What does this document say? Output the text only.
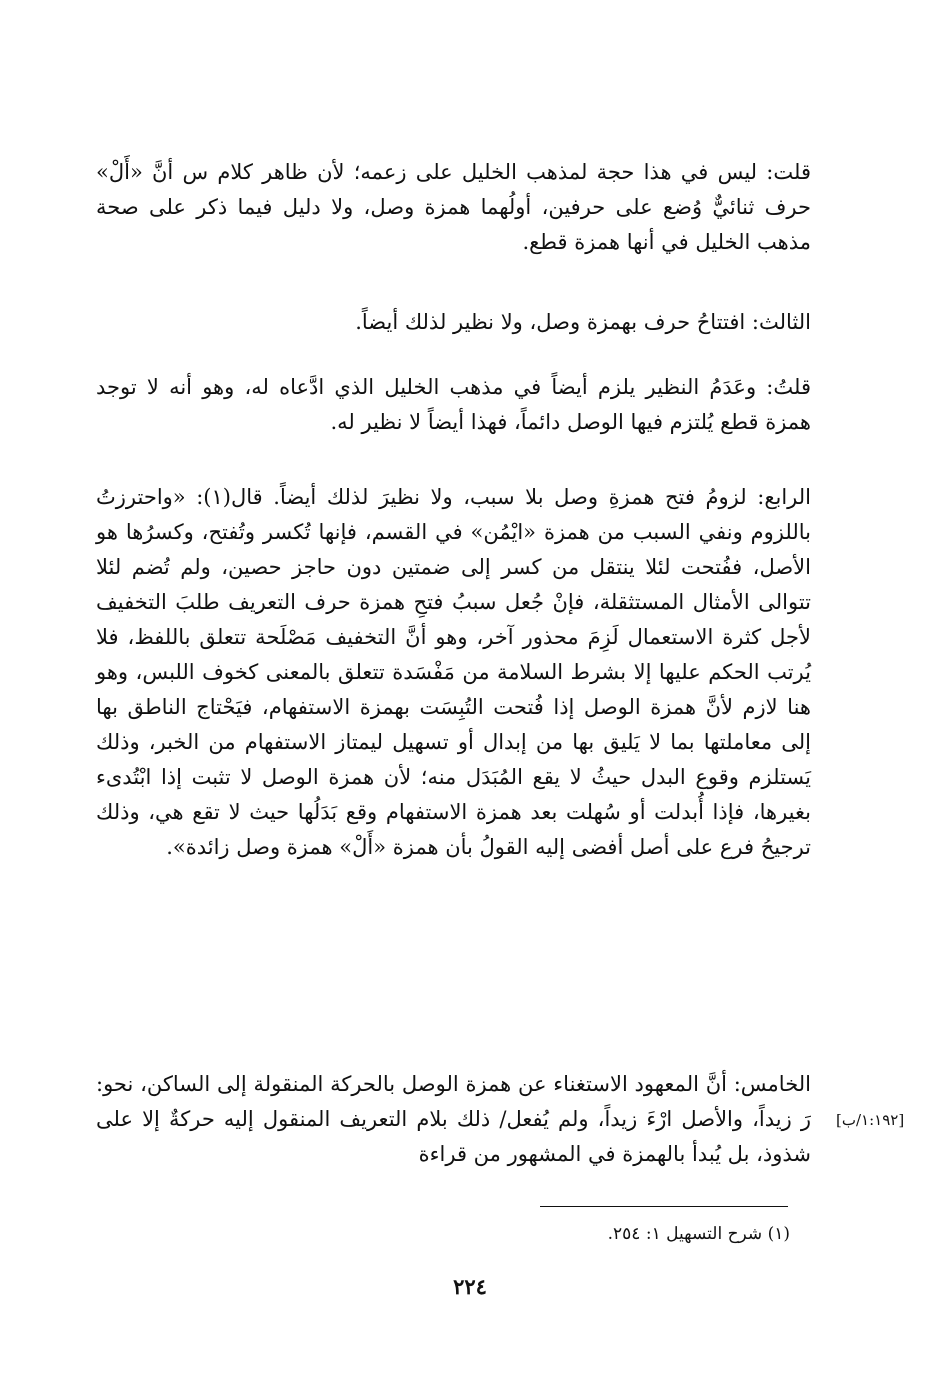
قلت: ليس في هذا حجة لمذهب الخليل على زعمه؛ لأن ظاهر كلام س أنَّ «أَلْ» حرف ثنائيٌّ وُضع على حرفين، أولُهما همزة وصل، ولا دليل فيما ذكر على صحة مذهب الخليل في أنها همزة قطع.

الثالث: افتتاحُ حرف بهمزة وصل، ولا نظير لذلك أيضاً.

قلتُ: وعَدَمُ النظير يلزم أيضاً في مذهب الخليل الذي ادَّعاه له، وهو أنه لا توجد همزة قطع يُلتزم فيها الوصل دائماً، فهذا أيضاً لا نظير له.

الرابع: لزومُ فتح همزةِ وصل بلا سبب، ولا نظيرَ لذلك أيضاً. قال(١): «واحترزتُ باللزوم ونفي السبب من همزة «ايْمُن» في القسم، فإنها تُكسر وتُفتح، وكسرُها هو الأصل، ففُتحت لئلا ينتقل من كسر إلى ضمتين دون حاجز حصين، ولم تُضم لئلا تتوالى الأمثال المستثقلة، فإنْ جُعل سببُ فتحِ همزة حرف التعريف طلبَ التخفيف لأجل كثرة الاستعمال لَزِمَ محذور آخر، وهو أنَّ التخفيف مَصْلَحة تتعلق باللفظ، فلا يُرتب الحكم عليها إلا بشرط السلامة من مَفْسَدة تتعلق بالمعنى كخوف اللبس، وهو هنا لازم لأنَّ همزة الوصل إذا فُتحت التُبِسَت بهمزة الاستفهام، فيَحْتاج الناطق بها إلى معاملتها بما لا يَليق بها من إبدال أو تسهيل ليمتاز الاستفهام من الخبر، وذلك يَستلزم وقوع البدل حيثُ لا يقع المُبَدَل منه؛ لأن همزة الوصل لا تثبت إذا ابْتُدىء بغيرها، فإذا أُبدلت أو سُهلت بعد همزة الاستفهام وقع بَدَلُها حيث لا تقع هي، وذلك ترجيحُ فرع على أصل أفضى إليه القولُ بأن همزة «أَلْ» همزة وصل زائدة».

الخامس: أنَّ المعهود الاستغناء عن همزة الوصل بالحركة المنقولة إلى الساكن، نحو: رَ زيداً، والأصل ارْءَ زيداً، ولم يُفعل/ ذلك بلام التعريف المنقول إليه حركةٌ إلا على شذوذ، بل يُبدأ بالهمزة في المشهور من قراءة

[١:١٩٢/ب]

(١) شرح التسهيل ١: ٢٥٤.

٢٢٤
